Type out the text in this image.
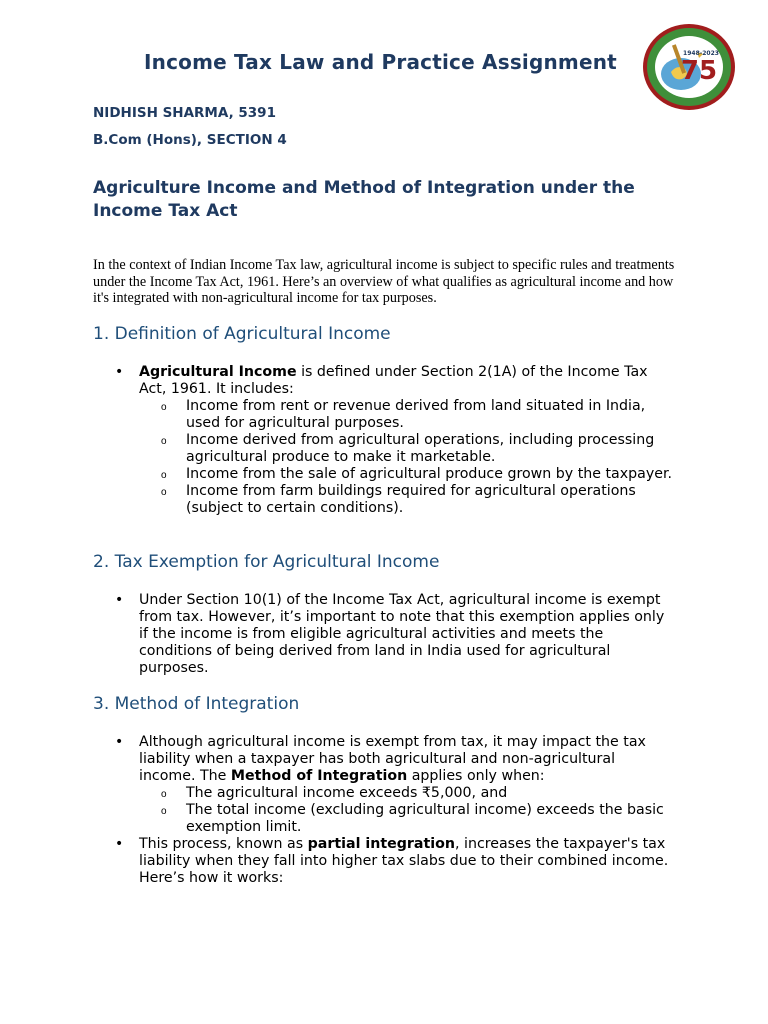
Income Tax Law and Practice Assignment

NIDHISH SHARMA, 5391

B.Com (Hons), SECTION 4

75
1948-2023
Agriculture Income and Method of Integration under the Income Tax Act

In the context of Indian Income Tax law, agricultural income is subject to specific rules and treatments under the Income Tax Act, 1961. Here’s an overview of what qualifies as agricultural income and how it's integrated with non-agricultural income for tax purposes.

1. Definition of Agricultural Income
• Agricultural Income is defined under Section 2(1A) of the Income Tax Act, 1961. It includes:
o Income from rent or revenue derived from land situated in India, used for agricultural purposes.
o Income derived from agricultural operations, including processing agricultural produce to make it marketable.
o Income from the sale of agricultural produce grown by the taxpayer.
o Income from farm buildings required for agricultural operations (subject to certain conditions).
2. Tax Exemption for Agricultural Income
• Under Section 10(1) of the Income Tax Act, agricultural income is exempt from tax. However, it’s important to note that this exemption applies only if the income is from eligible agricultural activities and meets the conditions of being derived from land in India used for agricultural purposes.
3. Method of Integration
• Although agricultural income is exempt from tax, it may impact the tax liability when a taxpayer has both agricultural and non-agricultural income. The Method of Integration applies only when:
o The agricultural income exceeds ₹5,000, and
o The total income (excluding agricultural income) exceeds the basic exemption limit.
• This process, known as partial integration, increases the taxpayer's tax liability when they fall into higher tax slabs due to their combined income. Here’s how it works:
